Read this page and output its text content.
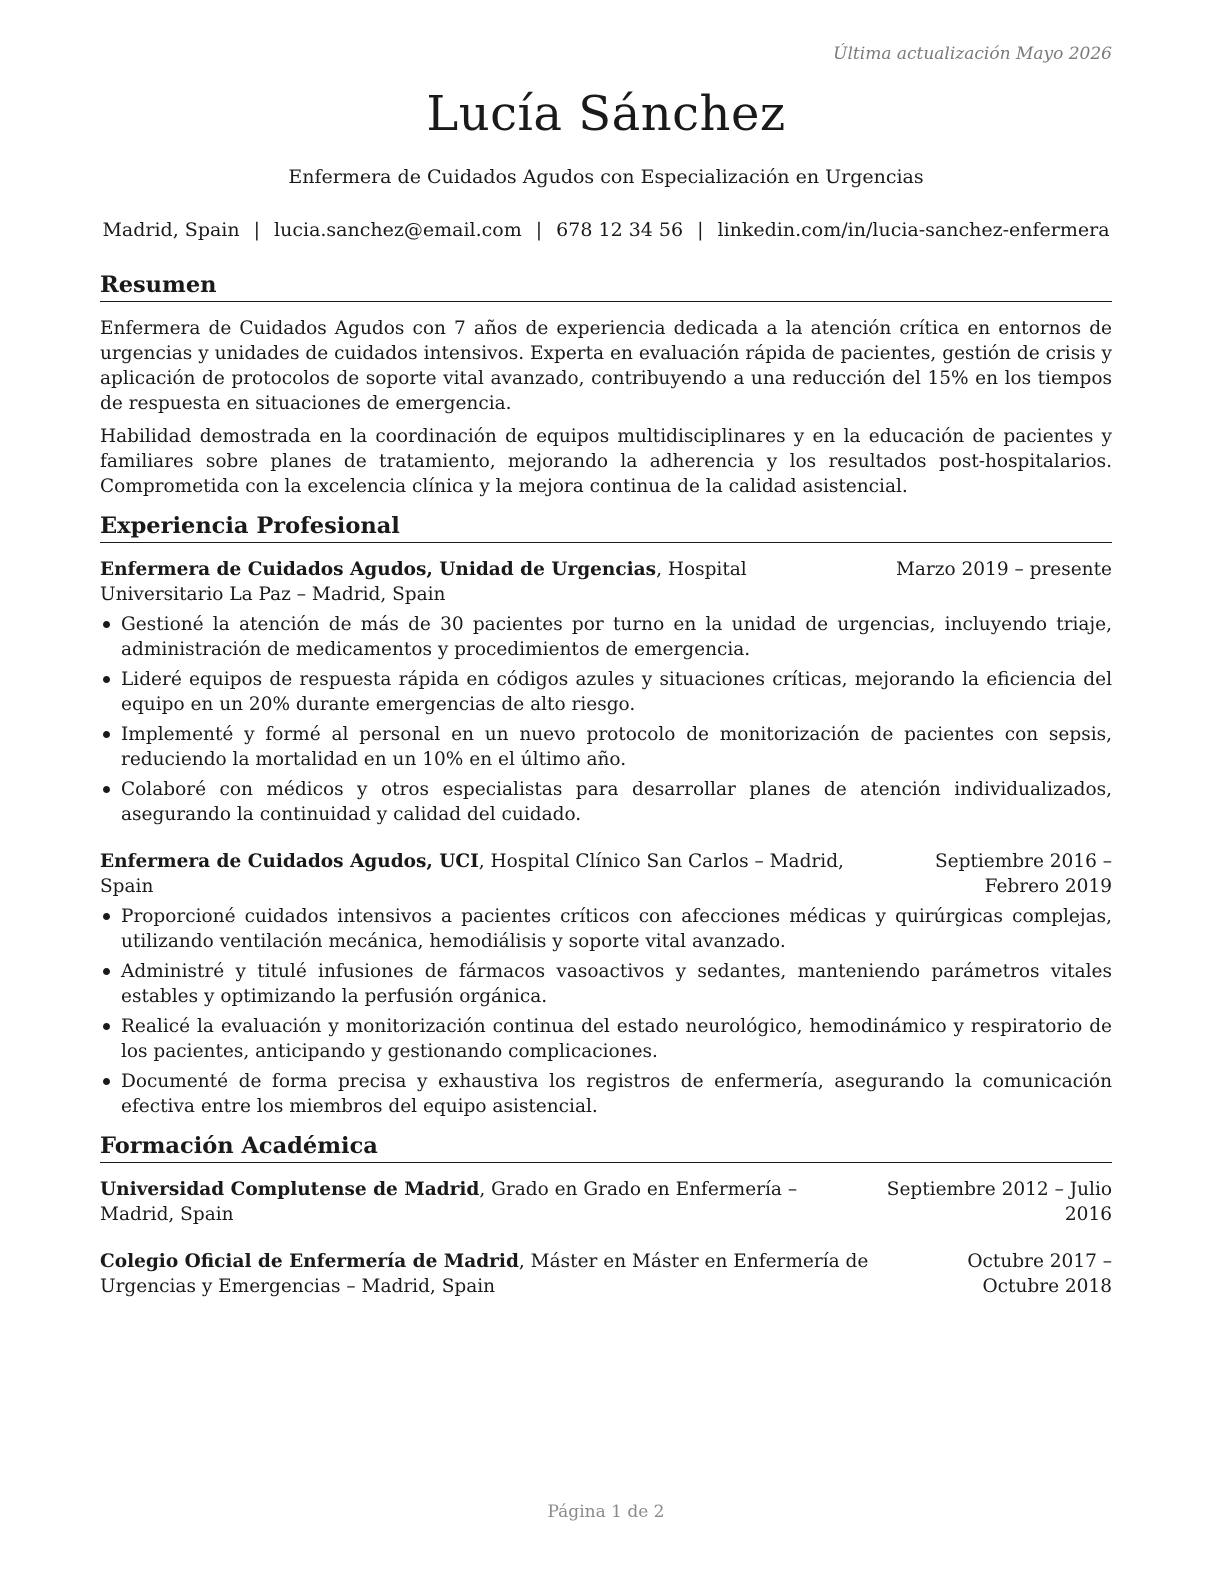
Última actualización Mayo 2026
Lucía Sánchez
Enfermera de Cuidados Agudos con Especialización en Urgencias
Madrid, Spain | lucia.sanchez@email.com | 678 12 34 56 | linkedin.com/in/lucia-sanchez-enfermera
Resumen

Enfermera de Cuidados Agudos con 7 años de experiencia dedicada a la atención crítica en entornos de urgencias y unidades de cuidados intensivos. Experta en evaluación rápida de pacientes, gestión de crisis y aplicación de protocolos de soporte vital avanzado, contribuyendo a una reducción del 15% en los tiempos de respuesta en situaciones de emergencia.

Habilidad demostrada en la coordinación de equipos multidisciplinares y en la educación de pacientes y familiares sobre planes de tratamiento, mejorando la adherencia y los resultados post-hospitalarios. Comprometida con la excelencia clínica y la mejora continua de la calidad asistencial.

Experiencia Profesional
Enfermera de Cuidados Agudos, Unidad de Urgencias, Hospital Universitario La Paz – Madrid, Spain
Marzo 2019 – presente
Gestioné la atención de más de 30 pacientes por turno en la unidad de urgencias, incluyendo triaje, administración de medicamentos y procedimientos de emergencia.
Lideré equipos de respuesta rápida en códigos azules y situaciones críticas, mejorando la eficiencia del equipo en un 20% durante emergencias de alto riesgo.
Implementé y formé al personal en un nuevo protocolo de monitorización de pacientes con sepsis, reduciendo la mortalidad en un 10% en el último año.
Colaboré con médicos y otros especialistas para desarrollar planes de atención individualizados, asegurando la continuidad y calidad del cuidado.
Enfermera de Cuidados Agudos, UCI, Hospital Clínico San Carlos – Madrid, Spain
Septiembre 2016 – Febrero 2019
Proporcioné cuidados intensivos a pacientes críticos con afecciones médicas y quirúrgicas complejas, utilizando ventilación mecánica, hemodiálisis y soporte vital avanzado.
Administré y titulé infusiones de fármacos vasoactivos y sedantes, manteniendo parámetros vitales estables y optimizando la perfusión orgánica.
Realicé la evaluación y monitorización continua del estado neurológico, hemodinámico y respiratorio de los pacientes, anticipando y gestionando complicaciones.
Documenté de forma precisa y exhaustiva los registros de enfermería, asegurando la comunicación efectiva entre los miembros del equipo asistencial.
Formación Académica
Universidad Complutense de Madrid, Grado en Grado en Enfermería – Madrid, Spain
Septiembre 2012 – Julio 2016
Colegio Oficial de Enfermería de Madrid, Máster en Máster en Enfermería de Urgencias y Emergencias – Madrid, Spain
Octubre 2017 – Octubre 2018
Página 1 de 2
